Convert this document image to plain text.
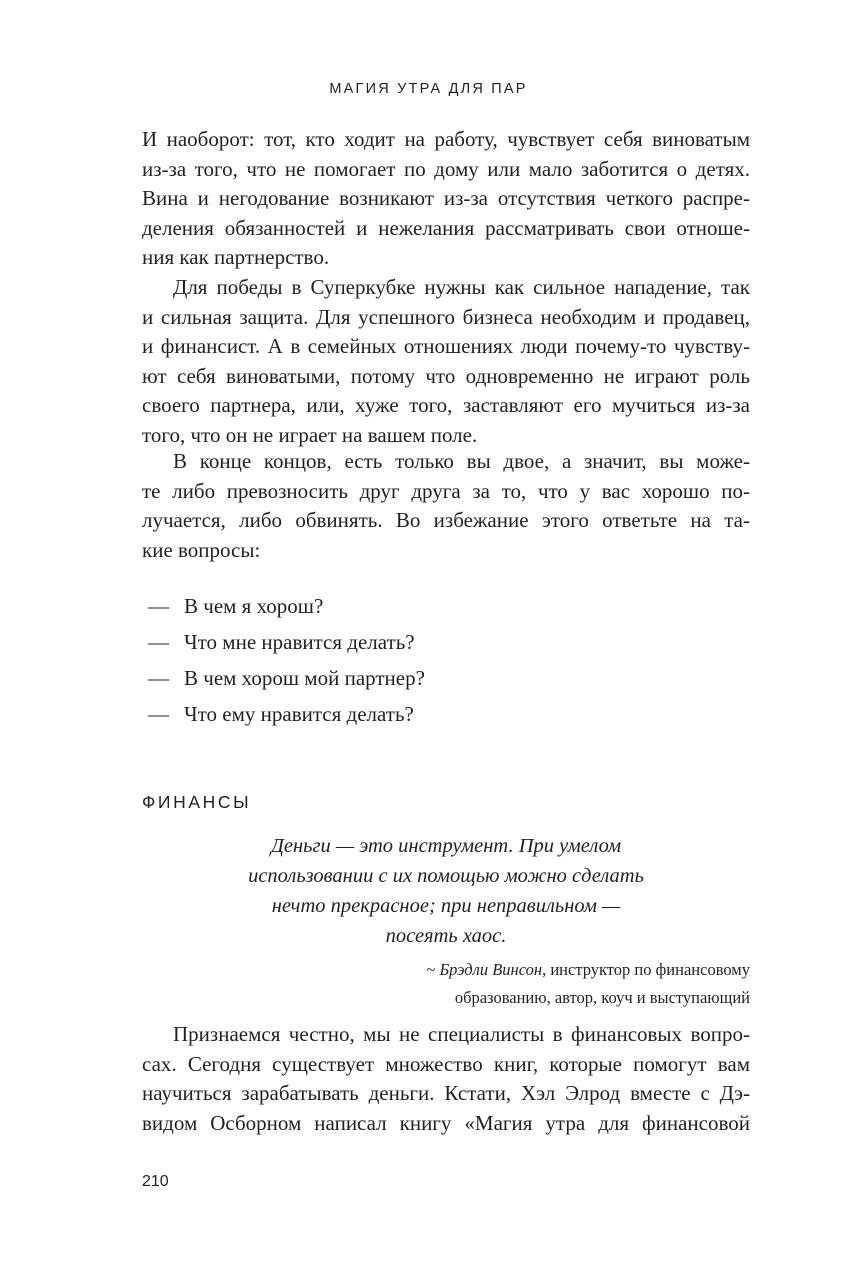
МАГИЯ УТРА ДЛЯ ПАР
И наоборот: тот, кто ходит на работу, чувствует себя виноватым
из-за того, что не помогает по дому или мало заботится о детях.
Вина и негодование возникают из-за отсутствия четкого распре-
деления обязанностей и нежелания рассматривать свои отноше-
ния как партнерство.
Для победы в Суперкубке нужны как сильное нападение, так
и сильная защита. Для успешного бизнеса необходим и продавец,
и финансист. А в семейных отношениях люди почему-то чувству-
ют себя виноватыми, потому что одновременно не играют роль
своего партнера, или, хуже того, заставляют его мучиться из-за
того, что он не играет на вашем поле.
В конце концов, есть только вы двое, а значит, вы може-
те либо превозносить друг друга за то, что у вас хорошо по-
лучается, либо обвинять. Во избежание этого ответьте на та-
кие вопросы:
— В чем я хорош?
— Что мне нравится делать?
— В чем хорош мой партнер?
— Что ему нравится делать?
ФИНАНСЫ
Деньги — это инструмент. При умелом
использовании с их помощью можно сделать
нечто прекрасное; при неправильном —
посеять хаос.
~ Брэдли Винсон, инструктор по финансовому
образованию, автор, коуч и выступающий
Признаемся честно, мы не специалисты в финансовых вопро-
сах. Сегодня существует множество книг, которые помогут вам
научиться зарабатывать деньги. Кстати, Хэл Элрод вместе с Дэ-
видом Осборном написал книгу «Магия утра для финансовой
210
